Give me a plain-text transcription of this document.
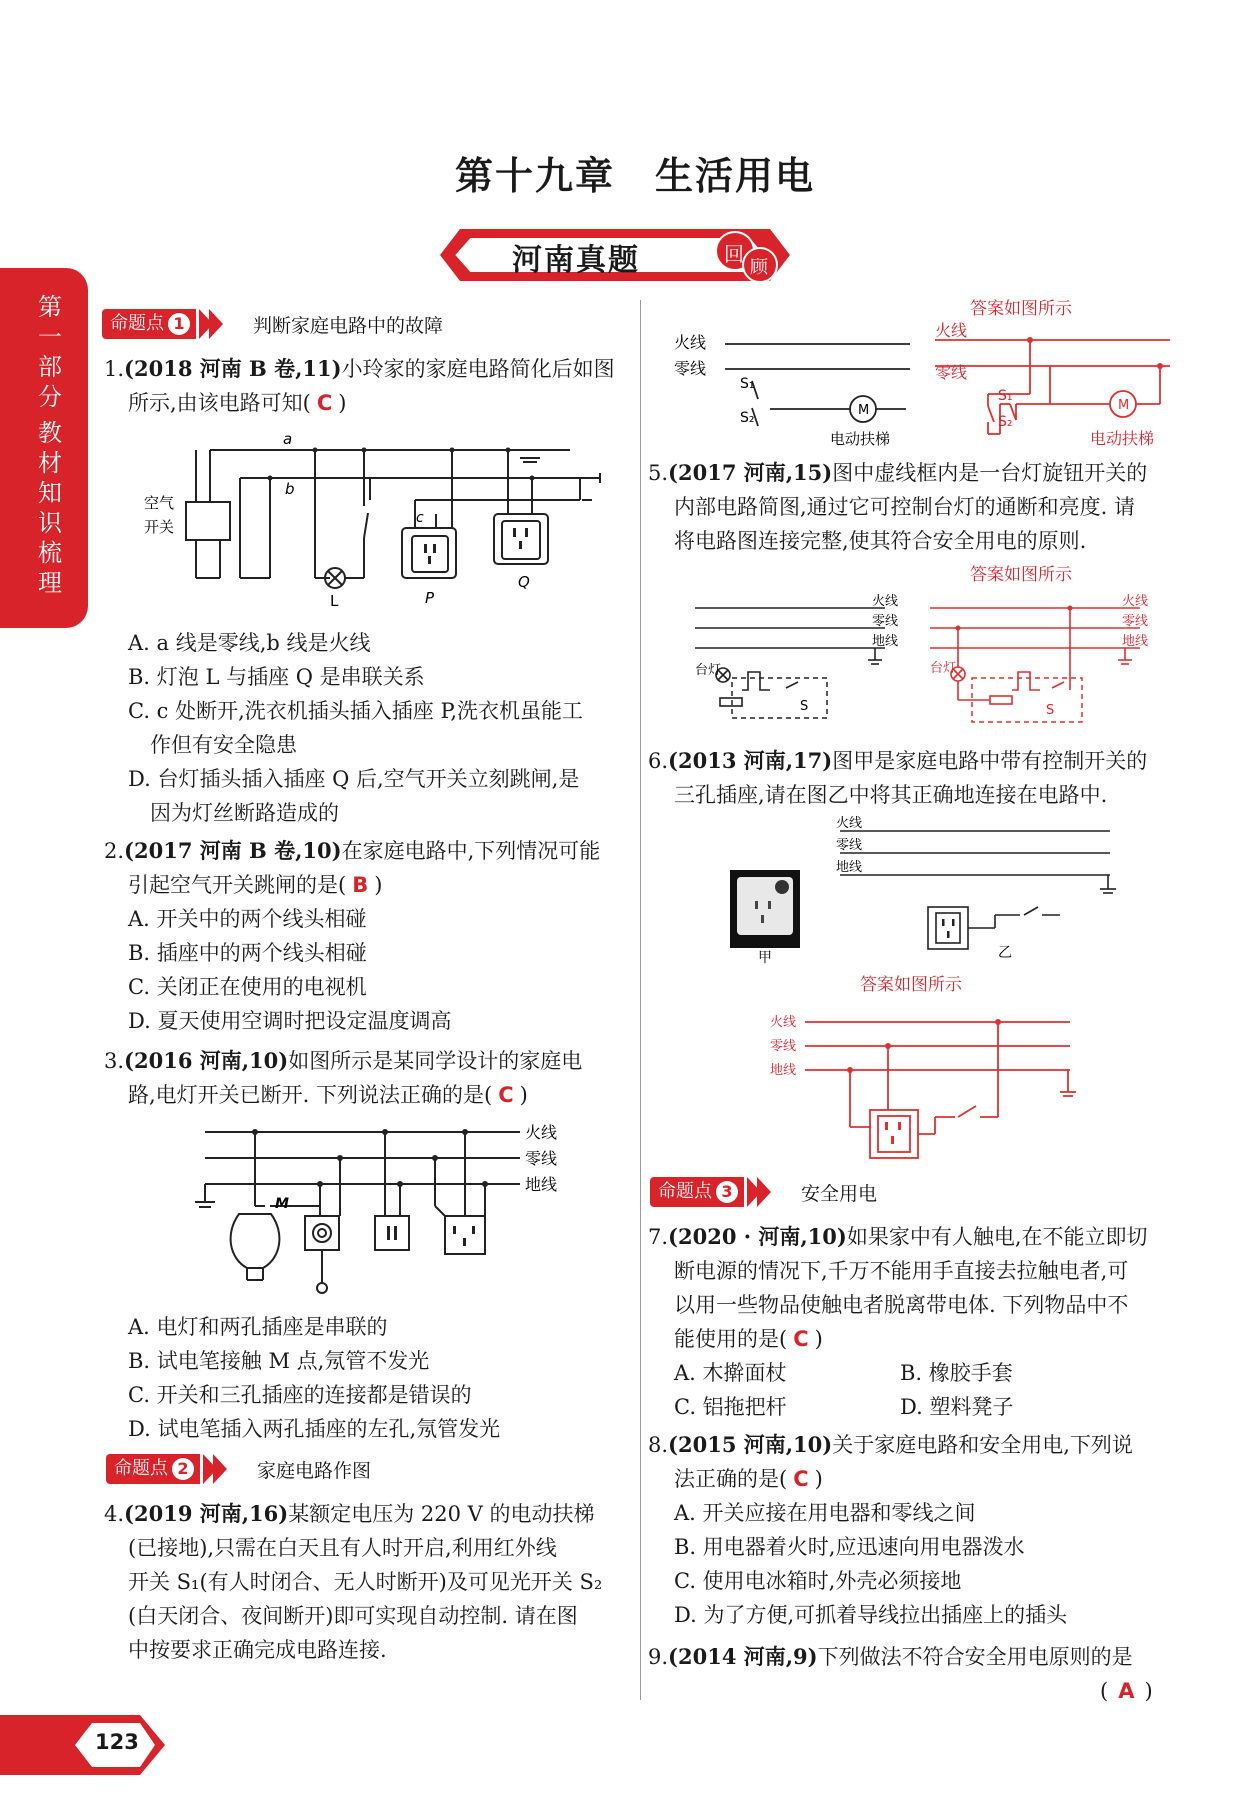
第十九章　生活用电
河南真题	回
顾
第一部分
教材知识梳理
命题点 1	判断家庭电路中的故障
1.(2018 河南 B 卷,11)小玲家的家庭电路简化后如图
所示,由该电路可知( C )
a
b
c
空气
开关
L	P
Q
A. a 线是零线,b 线是火线
B. 灯泡 L 与插座 Q 是串联关系
C. c 处断开,洗衣机插头插入插座 P,洗衣机虽能工
作但有安全隐患
D. 台灯插头插入插座 Q 后,空气开关立刻跳闸,是
因为灯丝断路造成的
2.(2017 河南 B 卷,10)在家庭电路中,下列情况可能
引起空气开关跳闸的是( B )
A. 开关中的两个线头相碰
B. 插座中的两个线头相碰
C. 关闭正在使用的电视机
D. 夏天使用空调时把设定温度调高
3.(2016 河南,10)如图所示是某同学设计的家庭电
路,电灯开关已断开. 下列说法正确的是( C )
M
火线
零线
地线
A. 电灯和两孔插座是串联的
B. 试电笔接触 M 点,氖管不发光
C. 开关和三孔插座的连接都是错误的
D. 试电笔插入两孔插座的左孔,氖管发光
命题点 2	家庭电路作图
4.(2019 河南,16)某额定电压为 220 V 的电动扶梯
(已接地),只需在白天且有人时开启,利用红外线
开关 S₁(有人时闭合、无人时断开)及可见光开关 S₂
(白天闭合、夜间断开)即可实现自动控制. 请在图
中按要求正确完成电路连接.
123
M
火线
零线
S₁
S₂
电动扶梯
答案如图所示
M
火线
零线
S₁
S₂
电动扶梯
5.(2017 河南,15)图中虚线框内是一台灯旋钮开关的
内部电路简图,通过它可控制台灯的通断和亮度. 请
将电路图连接完整,使其符合安全用电的原则.
答案如图所示
火线
零线
地线
台灯
S
火线
零线
地线
台灯
S
6.(2013 河南,17)图甲是家庭电路中带有控制开关的
三孔插座,请在图乙中将其正确地连接在电路中.
甲
火线
零线
地线
乙
答案如图所示
火线
零线
地线
命题点 3	安全用电
7.(2020 · 河南,10)如果家中有人触电,在不能立即切
断电源的情况下,千万不能用手直接去拉触电者,可
以用一些物品使触电者脱离带电体. 下列物品中不
能使用的是( C )
A. 木擀面杖	B. 橡胶手套
C. 铝拖把杆	D. 塑料凳子
8.(2015 河南,10)关于家庭电路和安全用电,下列说
法正确的是( C )
A. 开关应接在用电器和零线之间
B. 用电器着火时,应迅速向用电器泼水
C. 使用电冰箱时,外壳必须接地
D. 为了方便,可抓着导线拉出插座上的插头
9.(2014 河南,9)下列做法不符合安全用电原则的是
( A )
